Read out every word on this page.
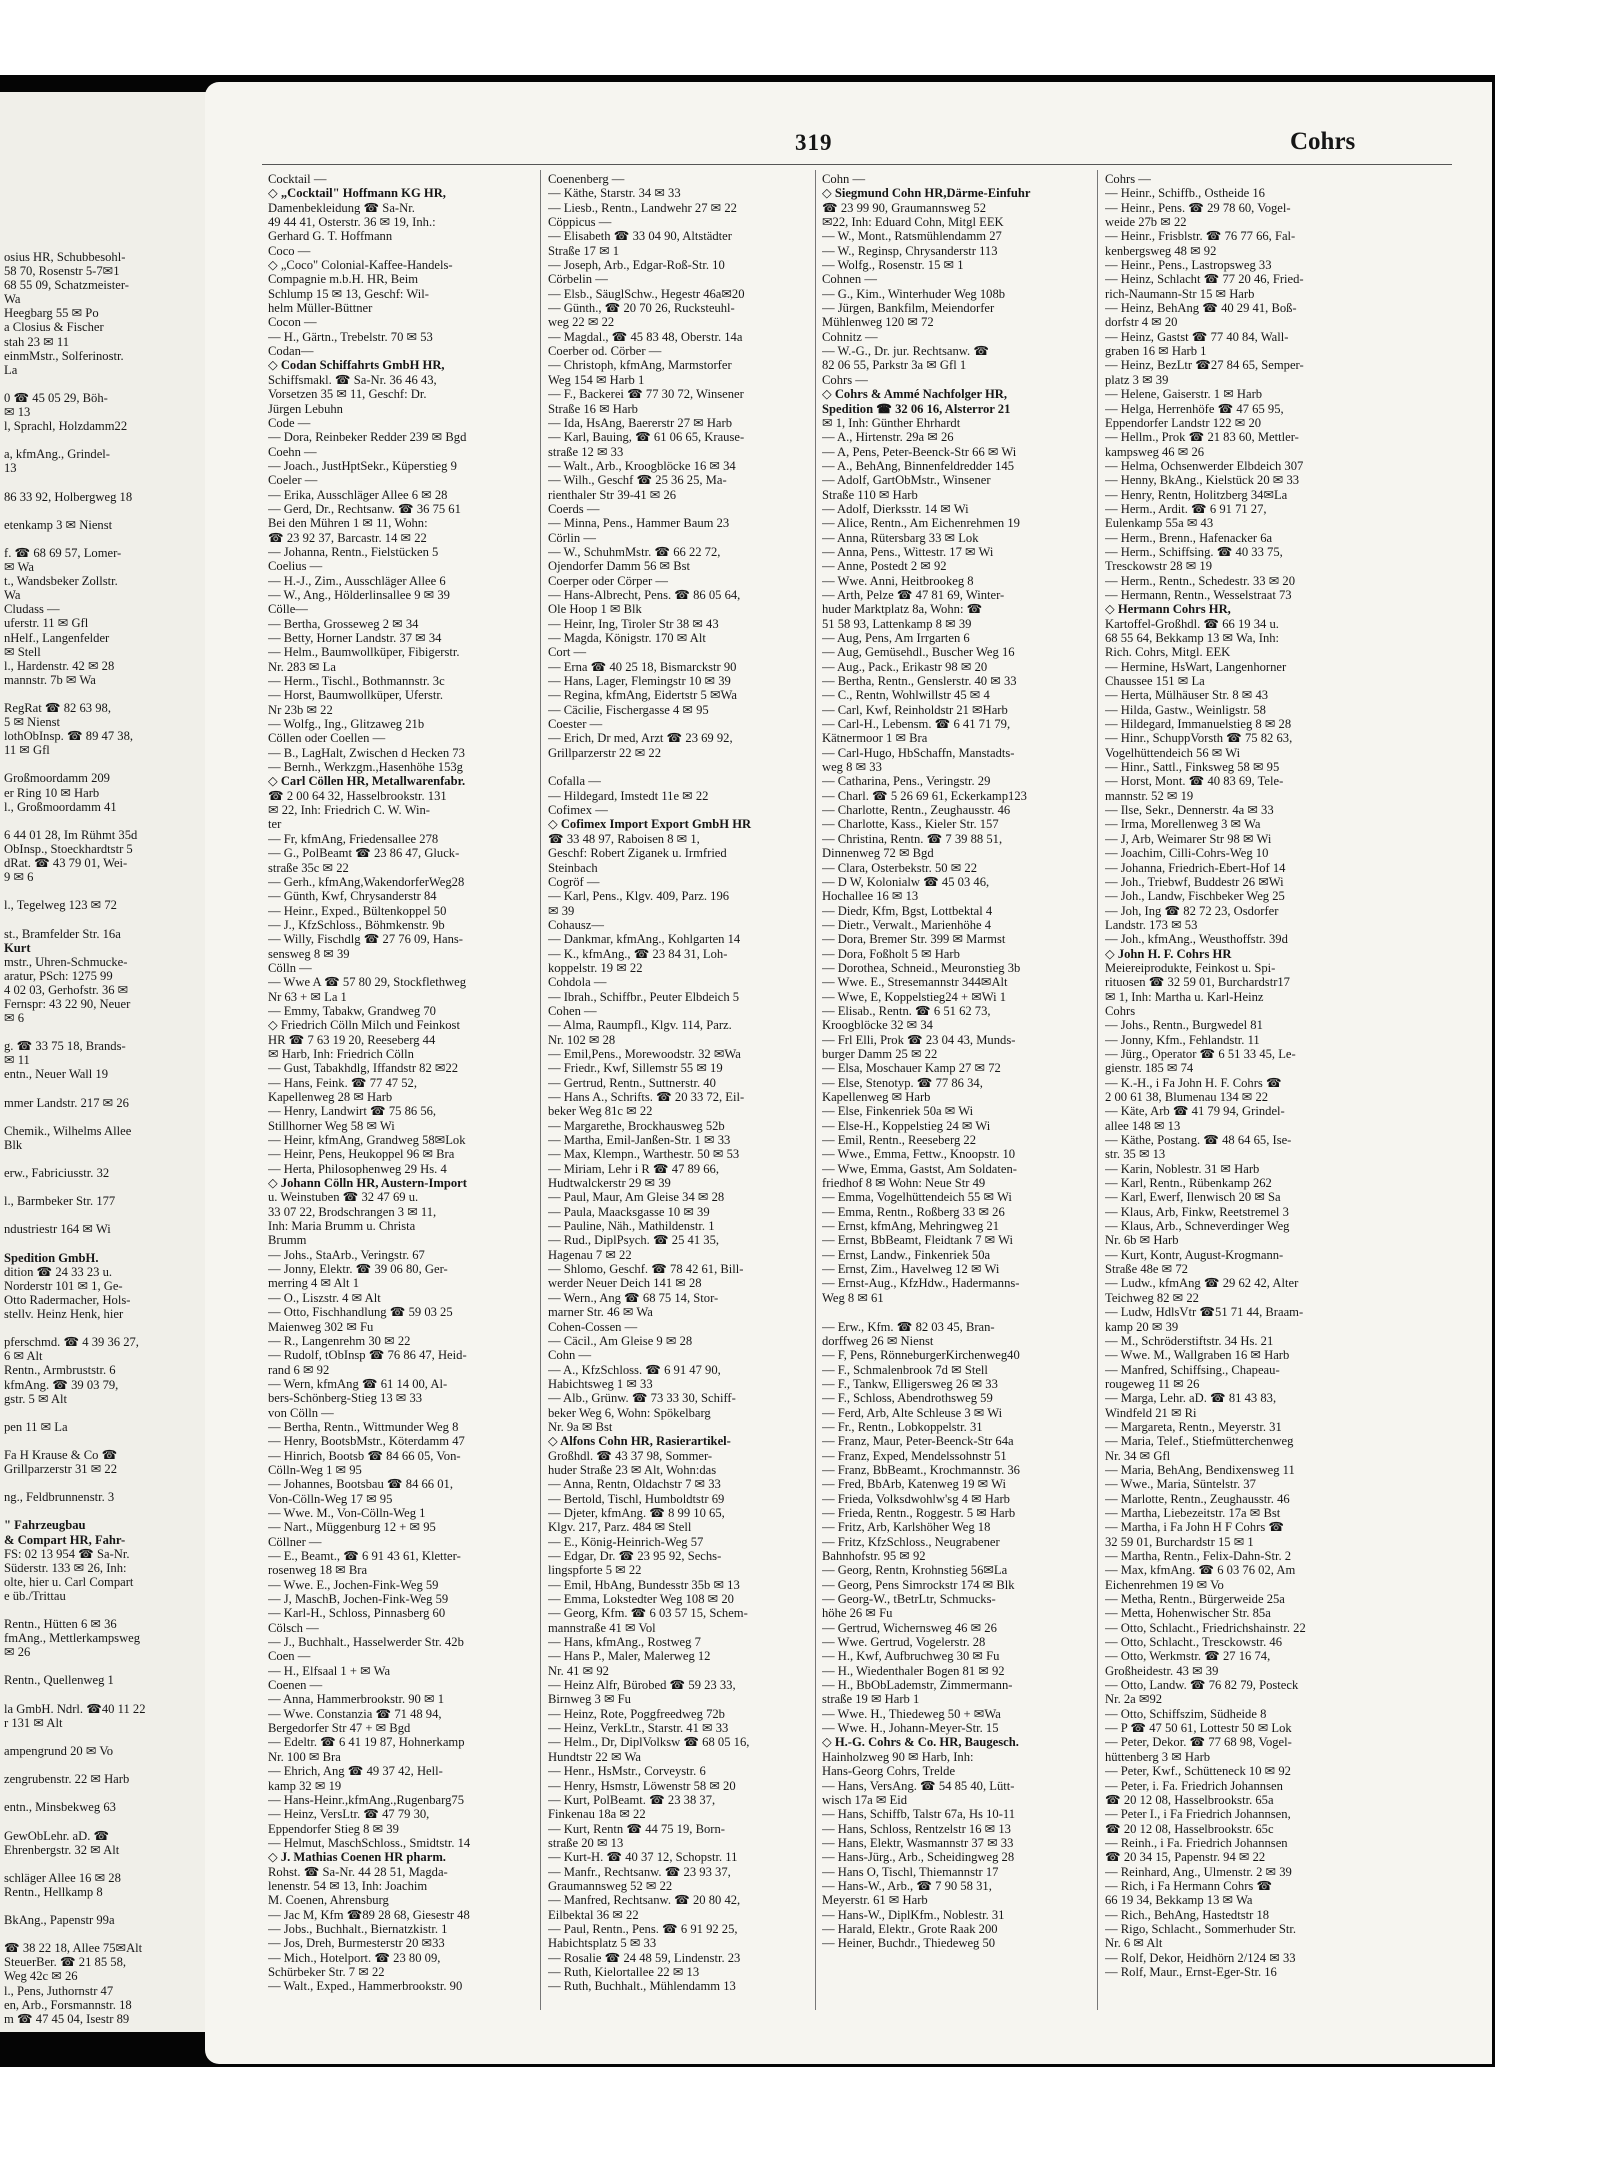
osius HR, Schubbesohl-
58 70, Rosenstr 5-7✉1
68 55 09, Schatzmeister-
Wa
Heegbarg 55 ✉ Po
a Closius & Fischer
stah 23 ✉ 11
einmMstr., Solferinostr.
La

0 ☎ 45 05 29, Böh-
✉ 13
l, Sprachl, Holzdamm22

a, kfmAng., Grindel-
13

86 33 92, Holbergweg 18

etenkamp 3 ✉ Nienst

f. ☎ 68 69 57, Lomer-
✉ Wa
t., Wandsbeker Zollstr.
Wa
Cludass —
uferstr. 11 ✉ Gfl
nHelf., Langenfelder
✉ Stell
l., Hardenstr. 42 ✉ 28
mannstr. 7b ✉ Wa

RegRat ☎ 82 63 98,
5 ✉ Nienst
lothObInsp. ☎ 89 47 38,
11 ✉ Gfl

Großmoordamm 209
er Ring 10 ✉ Harb
l., Großmoordamm 41

6 44 01 28, Im Rühmt 35d
ObInsp., Stoeckhardtstr 5
dRat. ☎ 43 79 01, Wei-
9 ✉ 6

l., Tegelweg 123 ✉ 72

st., Bramfelder Str. 16a
Kurt
mstr., Uhren-Schmucke-
aratur, PSch: 1275 99
4 02 03, Gerhofstr. 36 ✉
Fernspr: 43 22 90, Neuer
✉ 6

g. ☎ 33 75 18, Brands-
✉ 11
entn., Neuer Wall 19

mmer Landstr. 217 ✉ 26

Chemik., Wilhelms Allee
Blk

erw., Fabriciusstr. 32

l., Barmbeker Str. 177

ndustriestr 164 ✉ Wi

Spedition GmbH.
dition ☎ 24 33 23 u.
Norderstr 101 ✉ 1, Ge-
Otto Radermacher, Hols-
stellv. Heinz Henk, hier

pferschmd. ☎ 4 39 36 27,
6 ✉ Alt
Rentn., Armbruststr. 6
kfmAng. ☎ 39 03 79,
gstr. 5 ✉ Alt

pen 11 ✉ La

Fa H Krause & Co ☎
Grillparzerstr 31 ✉ 22

ng., Feldbrunnenstr. 3

" Fahrzeugbau
& Compart HR, Fahr-
FS: 02 13 954 ☎ Sa-Nr.
Süderstr. 133 ✉ 26, Inh:
olte, hier u. Carl Compart
e üb./Trittau

Rentn., Hütten 6 ✉ 36
fmAng., Mettlerkampsweg
✉ 26

Rentn., Quellenweg 1

la GmbH. Ndrl. ☎40 11 22
r 131 ✉ Alt

ampengrund 20 ✉ Vo

zengrubenstr. 22 ✉ Harb

entn., Minsbekweg 63

GewObLehr. aD. ☎
Ehrenbergstr. 32 ✉ Alt

schläger Allee 16 ✉ 28
Rentn., Hellkamp 8

BkAng., Papenstr 99a

☎ 38 22 18, Allee 75✉Alt
SteuerBer. ☎ 21 85 58,
Weg 42c ✉ 26
l., Pens, Juthornstr 47
en, Arb., Forsmannstr. 18
m ☎ 47 45 04, Isestr 89
319	Cohrs
Cocktail —
◇ „Cocktail" Hoffmann KG HR,
Damenbekleidung ☎ Sa-Nr.
49 44 41, Osterstr. 36 ✉ 19, Inh.:
Gerhard G. T. Hoffmann
Coco —
◇ „Coco" Colonial-Kaffee-Handels-
Compagnie m.b.H. HR, Beim
Schlump 15 ✉ 13, Geschf: Wil-
helm Müller-Büttner
Cocon —
— H., Gärtn., Trebelstr. 70 ✉ 53
Codan—
◇ Codan Schiffahrts GmbH HR,
Schiffsmakl. ☎ Sa-Nr. 36 46 43,
Vorsetzen 35 ✉ 11, Geschf: Dr.
Jürgen Lebuhn
Code —
— Dora, Reinbeker Redder 239 ✉ Bgd
Coehn —
— Joach., JustHptSekr., Küperstieg 9
Coeler —
— Erika, Ausschläger Allee 6 ✉ 28
— Gerd, Dr., Rechtsanw. ☎ 36 75 61
Bei den Mühren 1 ✉ 11, Wohn:
☎ 23 92 37, Barcastr. 14 ✉ 22
— Johanna, Rentn., Fielstücken 5
Coelius —
— H.-J., Zim., Ausschläger Allee 6
— W., Ang., Hölderlinsallee 9 ✉ 39
Cölle—
— Bertha, Grosseweg 2 ✉ 34
— Betty, Horner Landstr. 37 ✉ 34
— Helm., Baumwollküper, Fibigerstr.
Nr. 283 ✉ La
— Herm., Tischl., Bothmannstr. 3c
— Horst, Baumwollküper, Uferstr.
Nr 23b ✉ 22
— Wolfg., Ing., Glitzaweg 21b
Cöllen oder Coellen —
— B., LagHalt, Zwischen d Hecken 73
— Bernh., Werkzgm.,Hasenhöhe 153g
◇ Carl Cöllen HR, Metallwarenfabr.
☎ 2 00 64 32, Hasselbrookstr. 131
✉ 22, Inh: Friedrich C. W. Win-
ter
— Fr, kfmAng, Friedensallee 278
— G., PolBeamt ☎ 23 86 47, Gluck-
straße 35c ✉ 22
— Gerh., kfmAng,WakendorferWeg28
— Günth, Kwf, Chrysanderstr 84
— Heinr., Exped., Bültenkoppel 50
— J., KfzSchloss., Böhmkenstr. 9b
— Willy, Fischdlg ☎ 27 76 09, Hans-
sensweg 8 ✉ 39
Cölln —
— Wwe A ☎ 57 80 29, Stockflethweg
Nr 63 + ✉ La 1
— Emmy, Tabakw, Grandweg 70
◇ Friedrich Cölln Milch und Feinkost
HR ☎ 7 63 19 20, Reeseberg 44
✉ Harb, Inh: Friedrich Cölln
— Gust, Tabakhdlg, Iffandstr 82 ✉22
— Hans, Feink. ☎ 77 47 52,
Kapellenweg 28 ✉ Harb
— Henry, Landwirt ☎ 75 86 56,
Stillhorner Weg 58 ✉ Wi
— Heinr, kfmAng, Grandweg 58✉Lok
— Heinr, Pens, Heukoppel 96 ✉ Bra
— Herta, Philosophenweg 29 Hs. 4
◇ Johann Cölln HR, Austern-Import
u. Weinstuben ☎ 32 47 69 u.
33 07 22, Brodschrangen 3 ✉ 11,
Inh: Maria Brumm u. Christa
Brumm
— Johs., StaArb., Veringstr. 67
— Jonny, Elektr. ☎ 39 06 80, Ger-
merring 4 ✉ Alt 1
— O., Liszstr. 4 ✉ Alt
— Otto, Fischhandlung ☎ 59 03 25
Maienweg 302 ✉ Fu
— R., Langenrehm 30 ✉ 22
— Rudolf, tObInsp ☎ 76 86 47, Heid-
rand 6 ✉ 92
— Wern, kfmAng ☎ 61 14 00, Al-
bers-Schönberg-Stieg 13 ✉ 33
von Cölln —
— Bertha, Rentn., Wittmunder Weg 8
— Henry, BootsbMstr., Köterdamm 47
— Hinrich, Bootsb ☎ 84 66 05, Von-
Cölln-Weg 1 ✉ 95
— Johannes, Bootsbau ☎ 84 66 01,
Von-Cölln-Weg 17 ✉ 95
— Wwe. M., Von-Cölln-Weg 1
— Nart., Müggenburg 12 + ✉ 95
Cöllner —
— E., Beamt., ☎ 6 91 43 61, Kletter-
rosenweg 18 ✉ Bra
— Wwe. E., Jochen-Fink-Weg 59
— J, MaschB, Jochen-Fink-Weg 59
— Karl-H., Schloss, Pinnasberg 60
Cölsch —
— J., Buchhalt., Hasselwerder Str. 42b
Coen —
— H., Elfsaal 1 + ✉ Wa
Coenen —
— Anna, Hammerbrookstr. 90 ✉ 1
— Wwe. Constanzia ☎ 71 48 94,
Bergedorfer Str 47 + ✉ Bgd
— Edeltr. ☎ 6 41 19 87, Hohnerkamp
Nr. 100 ✉ Bra
— Ehrich, Ang ☎ 49 37 42, Hell-
kamp 32 ✉ 19
— Hans-Heinr.,kfmAng.,Rugenbarg75
— Heinz, VersLtr. ☎ 47 79 30,
Eppendorfer Stieg 8 ✉ 39
— Helmut, MaschSchloss., Smidtstr. 14
◇ J. Mathias Coenen HR pharm.
Rohst. ☎ Sa-Nr. 44 28 51, Magda-
lenenstr. 54 ✉ 13, Inh: Joachim
M. Coenen, Ahrensburg
— Jac M, Kfm ☎89 28 68, Giesestr 48
— Jobs., Buchhalt., Biernatzkistr. 1
— Jos, Dreh, Burmesterstr 20 ✉33
— Mich., Hotelport. ☎ 23 80 09,
Schürbeker Str. 7 ✉ 22
— Walt., Exped., Hammerbrookstr. 90
Coenenberg —
— Käthe, Starstr. 34 ✉ 33
— Liesb., Rentn., Landwehr 27 ✉ 22
Cöppicus —
— Elisabeth ☎ 33 04 90, Altstädter
Straße 17 ✉ 1
— Joseph, Arb., Edgar-Roß-Str. 10
Cörbelin —
— Elsb., SäuglSchw., Hegestr 46a✉20
— Günth., ☎ 20 70 26, Rucksteuhl-
weg 22 ✉ 22
— Magdal., ☎ 45 83 48, Oberstr. 14a
Coerber od. Cörber —
— Christoph, kfmAng, Marmstorfer
Weg 154 ✉ Harb 1
— F., Backerei ☎ 77 30 72, Winsener
Straße 16 ✉ Harb
— Ida, HsAng, Baererstr 27 ✉ Harb
— Karl, Bauing, ☎ 61 06 65, Krause-
straße 12 ✉ 33
— Walt., Arb., Kroogblöcke 16 ✉ 34
— Wilh., Geschf ☎ 25 36 25, Ma-
rienthaler Str 39-41 ✉ 26
Coerds —
— Minna, Pens., Hammer Baum 23
Cörlin —
— W., SchuhmMstr. ☎ 66 22 72,
Ojendorfer Damm 56 ✉ Bst
Coerper oder Cörper —
— Hans-Albrecht, Pens. ☎ 86 05 64,
Ole Hoop 1 ✉ Blk
— Heinr, Ing, Tiroler Str 38 ✉ 43
— Magda, Königstr. 170 ✉ Alt
Cort —
— Erna ☎ 40 25 18, Bismarckstr 90
— Hans, Lager, Flemingstr 10 ✉ 39
— Regina, kfmAng, Eidertstr 5 ✉Wa
— Cäcilie, Fischergasse 4 ✉ 95
Coester —
— Erich, Dr med, Arzt ☎ 23 69 92,
Grillparzerstr 22 ✉ 22

Cofalla —
— Hildegard, Imstedt 11e ✉ 22
Cofimex —
◇ Cofimex Import Export GmbH HR
☎ 33 48 97, Raboisen 8 ✉ 1,
Geschf: Robert Ziganek u. Irmfried
Steinbach
Cogröf —
— Karl, Pens., Klgv. 409, Parz. 196
✉ 39
Cohausz—
— Dankmar, kfmAng., Kohlgarten 14
— K., kfmAng., ☎ 23 84 31, Loh-
koppelstr. 19 ✉ 22
Cohdola —
— Ibrah., Schiffbr., Peuter Elbdeich 5
Cohen —
— Alma, Raumpfl., Klgv. 114, Parz.
Nr. 102 ✉ 28
— Emil,Pens., Morewoodstr. 32 ✉Wa
— Friedr., Kwf, Sillemstr 55 ✉ 19
— Gertrud, Rentn., Suttnerstr. 40
— Hans A., Schrifts. ☎ 20 33 72, Eil-
beker Weg 81c ✉ 22
— Margarethe, Brockhausweg 52b
— Martha, Emil-Janßen-Str. 1 ✉ 33
— Max, Klempn., Warthestr. 50 ✉ 53
— Miriam, Lehr i R ☎ 47 89 66,
Hudtwalckerstr 29 ✉ 39
— Paul, Maur, Am Gleise 34 ✉ 28
— Paula, Maacksgasse 10 ✉ 39
— Pauline, Näh., Mathildenstr. 1
— Rud., DiplPsych. ☎ 25 41 35,
Hagenau 7 ✉ 22
— Shlomo, Geschf. ☎ 78 42 61, Bill-
werder Neuer Deich 141 ✉ 28
— Wern., Ang ☎ 68 75 14, Stor-
marner Str. 46 ✉ Wa
Cohen-Cossen —
— Cäcil., Am Gleise 9 ✉ 28
Cohn —
— A., KfzSchloss. ☎ 6 91 47 90,
Habichtsweg 1 ✉ 33
— Alb., Grünw. ☎ 73 33 30, Schiff-
beker Weg 6, Wohn: Spökelbarg
Nr. 9a ✉ Bst
◇ Alfons Cohn HR, Rasierartikel-
Großhdl. ☎ 43 37 98, Sommer-
huder Straße 23 ✉ Alt, Wohn:das
— Anna, Rentn, Oldachstr 7 ✉ 33
— Bertold, Tischl, Humboldtstr 69
— Djeter, kfmAng. ☎ 8 99 10 65,
Klgv. 217, Parz. 484 ✉ Stell
— E., König-Heinrich-Weg 57
— Edgar, Dr. ☎ 23 95 92, Sechs-
lingspforte 5 ✉ 22
— Emil, HbAng, Bundesstr 35b ✉ 13
— Emma, Lokstedter Weg 108 ✉ 20
— Georg, Kfm. ☎ 6 03 57 15, Schem-
mannstraße 41 ✉ Vol
— Hans, kfmAng., Rostweg 7
— Hans P., Maler, Malerweg 12
Nr. 41 ✉ 92
— Heinz Alfr, Bürobed ☎ 59 23 33,
Birnweg 3 ✉ Fu
— Heinz, Rote, Poggfreedweg 72b
— Heinz, VerkLtr., Starstr. 41 ✉ 33
— Helm., Dr, DiplVolksw ☎ 68 05 16,
Hundtstr 22 ✉ Wa
— Henr., HsMstr., Corveystr. 6
— Henry, Hsmstr, Löwenstr 58 ✉ 20
— Kurt, PolBeamt. ☎ 23 38 37,
Finkenau 18a ✉ 22
— Kurt, Rentn ☎ 44 75 19, Born-
straße 20 ✉ 13
— Kurt-H. ☎ 40 37 12, Schopstr. 11
— Manfr., Rechtsanw. ☎ 23 93 37,
Graumannsweg 52 ✉ 22
— Manfred, Rechtsanw. ☎ 20 80 42,
Eilbektal 36 ✉ 22
— Paul, Rentn., Pens. ☎ 6 91 92 25,
Habichtsplatz 5 ✉ 33
— Rosalie ☎ 24 48 59, Lindenstr. 23
— Ruth, Kielortallee 22 ✉ 13
— Ruth, Buchhalt., Mühlendamm 13
Cohn —
◇ Siegmund Cohn HR,Därme-Einfuhr
☎ 23 99 90, Graumannsweg 52
✉22, Inh: Eduard Cohn, Mitgl EEK
— W., Mont., Ratsmühlendamm 27
— W., Reginsp, Chrysanderstr 113
— Wolfg., Rosenstr. 15 ✉ 1
Cohnen —
— G., Kim., Winterhuder Weg 108b
— Jürgen, Bankfilm, Meiendorfer
Mühlenweg 120 ✉ 72
Cohnitz —
— W.-G., Dr. jur. Rechtsanw. ☎
82 06 55, Parkstr 3a ✉ Gfl 1
Cohrs —
◇ Cohrs & Ammé Nachfolger HR,
Spedition ☎ 32 06 16, Alsterror 21
✉ 1, Inh: Günther Ehrhardt
— A., Hirtenstr. 29a ✉ 26
— A, Pens, Peter-Beenck-Str 66 ✉ Wi
— A., BehAng, Binnenfeldredder 145
— Adolf, GartObMstr., Winsener
Straße 110 ✉ Harb
— Adolf, Dierksstr. 14 ✉ Wi
— Alice, Rentn., Am Eichenrehmen 19
— Anna, Rütersbarg 33 ✉ Lok
— Anna, Pens., Wittestr. 17 ✉ Wi
— Anne, Postedt 2 ✉ 92
— Wwe. Anni, Heitbrookeg 8
— Arth, Pelze ☎ 47 81 69, Winter-
huder Marktplatz 8a, Wohn: ☎
51 58 93, Lattenkamp 8 ✉ 39
— Aug, Pens, Am Irrgarten 6
— Aug, Gemüsehdl., Buscher Weg 16
— Aug., Pack., Erikastr 98 ✉ 20
— Bertha, Rentn., Genslerstr. 40 ✉ 33
— C., Rentn, Wohlwillstr 45 ✉ 4
— Carl, Kwf, Reinholdstr 21 ✉Harb
— Carl-H., Lebensm. ☎ 6 41 71 79,
Kätnermoor 1 ✉ Bra
— Carl-Hugo, HbSchaffn, Manstadts-
weg 8 ✉ 33
— Catharina, Pens., Veringstr. 29
— Charl. ☎ 5 26 69 61, Eckerkamp123
— Charlotte, Rentn., Zeughausstr. 46
— Charlotte, Kass., Kieler Str. 157
— Christina, Rentn. ☎ 7 39 88 51,
Dinnenweg 72 ✉ Bgd
— Clara, Osterbekstr. 50 ✉ 22
— D W, Kolonialw ☎ 45 03 46,
Hochallee 16 ✉ 13
— Diedr, Kfm, Bgst, Lottbektal 4
— Dietr., Verwalt., Marienhöhe 4
— Dora, Bremer Str. 399 ✉ Marmst
— Dora, Foßholt 5 ✉ Harb
— Dorothea, Schneid., Meuronstieg 3b
— Wwe. E., Stresemannstr 344✉Alt
— Wwe, E, Koppelstieg24 + ✉Wi 1
— Elisab., Rentn. ☎ 6 51 62 73,
Kroogblöcke 32 ✉ 34
— Frl Elli, Prok ☎ 23 04 43, Munds-
burger Damm 25 ✉ 22
— Elsa, Moschauer Kamp 27 ✉ 72
— Else, Stenotyp. ☎ 77 86 34,
Kapellenweg ✉ Harb
— Else, Finkenriek 50a ✉ Wi
— Else-H., Koppelstieg 24 ✉ Wi
— Emil, Rentn., Reeseberg 22
— Wwe., Emma, Fettw., Knoopstr. 10
— Wwe, Emma, Gastst, Am Soldaten-
friedhof 8 ✉ Wohn: Neue Str 49
— Emma, Vogelhüttendeich 55 ✉ Wi
— Emma, Rentn., Roßberg 33 ✉ 26
— Ernst, kfmAng, Mehringweg 21
— Ernst, BbBeamt, Fleidtank 7 ✉ Wi
— Ernst, Landw., Finkenriek 50a
— Ernst, Zim., Havelweg 12 ✉ Wi
— Ernst-Aug., KfzHdw., Hadermanns-
Weg 8 ✉ 61

— Erw., Kfm. ☎ 82 03 45, Bran-
dorffweg 26 ✉ Nienst
— F, Pens, RönneburgerKirchenweg40
— F., Schmalenbrook 7d ✉ Stell
— F., Tankw, Elligersweg 26 ✉ 33
— F., Schloss, Abendrothsweg 59
— Ferd, Arb, Alte Schleuse 3 ✉ Wi
— Fr., Rentn., Lobkoppelstr. 31
— Franz, Maur, Peter-Beenck-Str 64a
— Franz, Exped, Mendelssohnstr 51
— Franz, BbBeamt., Krochmannstr. 36
— Fred, BbArb, Katenweg 19 ✉ Wi
— Frieda, Volksdwohlw'sg 4 ✉ Harb
— Frieda, Rentn., Roggestr. 5 ✉ Harb
— Fritz, Arb, Karlshöher Weg 18
— Fritz, KfzSchloss., Neugrabener
Bahnhofstr. 95 ✉ 92
— Georg, Rentn, Krohnstieg 56✉La
— Georg, Pens Simrockstr 174 ✉ Blk
— Georg-W., tBetrLtr, Schmucks-
höhe 26 ✉ Fu
— Gertrud, Wichernsweg 46 ✉ 26
— Wwe. Gertrud, Vogelerstr. 28
— H., Kwf, Aufbruchweg 30 ✉ Fu
— H., Wiedenthaler Bogen 81 ✉ 92
— H., BbObLademstr, Zimmermann-
straße 19 ✉ Harb 1
— Wwe. H., Thiedeweg 50 + ✉Wa
— Wwe. H., Johann-Meyer-Str. 15
◇ H.-G. Cohrs & Co. HR, Baugesch.
Hainholzweg 90 ✉ Harb, Inh:
Hans-Georg Cohrs, Trelde
— Hans, VersAng. ☎ 54 85 40, Lütt-
wisch 17a ✉ Eid
— Hans, Schiffb, Talstr 67a, Hs 10-11
— Hans, Schloss, Rentzelstr 16 ✉ 13
— Hans, Elektr, Wasmannstr 37 ✉ 33
— Hans-Jürg., Arb., Scheidingweg 28
— Hans O, Tischl, Thiemannstr 17
— Hans-W., Arb., ☎ 7 90 58 31,
Meyerstr. 61 ✉ Harb
— Hans-W., DiplKfm., Noblestr. 31
— Harald, Elektr., Grote Raak 200
— Heiner, Buchdr., Thiedeweg 50
Cohrs —
— Heinr., Schiffb., Ostheide 16
— Heinr., Pens. ☎ 29 78 60, Vogel-
weide 27b ✉ 22
— Heinr., Frisblstr. ☎ 76 77 66, Fal-
kenbergsweg 48 ✉ 92
— Heinr., Pens., Lastropsweg 33
— Heinz, Schlacht ☎ 77 20 46, Fried-
rich-Naumann-Str 15 ✉ Harb
— Heinz, BehAng ☎ 40 29 41, Boß-
dorfstr 4 ✉ 20
— Heinz, Gastst ☎ 77 40 84, Wall-
graben 16 ✉ Harb 1
— Heinz, BezLtr ☎27 84 65, Semper-
platz 3 ✉ 39
— Helene, Gaiserstr. 1 ✉ Harb
— Helga, Herrenhöfe ☎ 47 65 95,
Eppendorfer Landstr 122 ✉ 20
— Hellm., Prok ☎ 21 83 60, Mettler-
kampsweg 46 ✉ 26
— Helma, Ochsenwerder Elbdeich 307
— Henny, BkAng., Kielstück 20 ✉ 33
— Henry, Rentn, Holitzberg 34✉La
— Herm., Ardit. ☎ 6 91 71 27,
Eulenkamp 55a ✉ 43
— Herm., Brenn., Hafenacker 6a
— Herm., Schiffsing. ☎ 40 33 75,
Tresckowstr 28 ✉ 19
— Herm., Rentn., Schedestr. 33 ✉ 20
— Hermann, Rentn., Wesselstraat 73
◇ Hermann Cohrs HR,
Kartoffel-Großhdl. ☎ 66 19 34 u.
68 55 64, Bekkamp 13 ✉ Wa, Inh:
Rich. Cohrs, Mitgl. EEK
— Hermine, HsWart, Langenhorner
Chaussee 151 ✉ La
— Herta, Mülhäuser Str. 8 ✉ 43
— Hilda, Gastw., Weinligstr. 58
— Hildegard, Immanuelstieg 8 ✉ 28
— Hinr., SchuppVorsth ☎ 75 82 63,
Vogelhüttendeich 56 ✉ Wi
— Hinr., Sattl., Finksweg 58 ✉ 95
— Horst, Mont. ☎ 40 83 69, Tele-
mannstr. 52 ✉ 19
— Ilse, Sekr., Dennerstr. 4a ✉ 33
— Irma, Morellenweg 3 ✉ Wa
— J, Arb, Weimarer Str 98 ✉ Wi
— Joachim, Cilli-Cohrs-Weg 10
— Johanna, Friedrich-Ebert-Hof 14
— Joh., Triebwf, Buddestr 26 ✉Wi
— Joh., Landw, Fischbeker Weg 25
— Joh, Ing ☎ 82 72 23, Osdorfer
Landstr. 173 ✉ 53
— Joh., kfmAng., Weusthoffstr. 39d
◇ John H. F. Cohrs HR
Meiereiprodukte, Feinkost u. Spi-
rituosen ☎ 32 59 01, Burchardstr17
✉ 1, Inh: Martha u. Karl-Heinz
Cohrs
— Johs., Rentn., Burgwedel 81
— Jonny, Kfm., Fehlandstr. 11
— Jürg., Operator ☎ 6 51 33 45, Le-
gienstr. 185 ✉ 74
— K.-H., i Fa John H. F. Cohrs ☎
2 00 61 38, Blumenau 134 ✉ 22
— Käte, Arb ☎ 41 79 94, Grindel-
allee 148 ✉ 13
— Käthe, Postang. ☎ 48 64 65, Ise-
str. 35 ✉ 13
— Karin, Noblestr. 31 ✉ Harb
— Karl, Rentn., Rübenkamp 262
— Karl, Ewerf, Ilenwisch 20 ✉ Sa
— Klaus, Arb, Finkw, Reetstremel 3
— Klaus, Arb., Schneverdinger Weg
Nr. 6b ✉ Harb
— Kurt, Kontr, August-Krogmann-
Straße 48e ✉ 72
— Ludw., kfmAng ☎ 29 62 42, Alter
Teichweg 82 ✉ 22
— Ludw, HdlsVtr ☎51 71 44, Braam-
kamp 20 ✉ 39
— M., Schröderstiftstr. 34 Hs. 21
— Wwe. M., Wallgraben 16 ✉ Harb
— Manfred, Schiffsing., Chapeau-
rougeweg 11 ✉ 26
— Marga, Lehr. aD. ☎ 81 43 83,
Windfeld 21 ✉ Ri
— Margareta, Rentn., Meyerstr. 31
— Maria, Telef., Stiefmütterchenweg
Nr. 34 ✉ Gfl
— Maria, BehAng, Bendixensweg 11
— Wwe., Maria, Süntelstr. 37
— Marlotte, Rentn., Zeughausstr. 46
— Martha, Liebezeitstr. 17a ✉ Bst
— Martha, i Fa John H F Cohrs ☎
32 59 01, Burchardstr 15 ✉ 1
— Martha, Rentn., Felix-Dahn-Str. 2
— Max, kfmAng. ☎ 6 03 76 02, Am
Eichenrehmen 19 ✉ Vo
— Metha, Rentn., Bürgerweide 25a
— Metta, Hohenwischer Str. 85a
— Otto, Schlacht., Friedrichshainstr. 22
— Otto, Schlacht., Tresckowstr. 46
— Otto, Werkmstr. ☎ 27 16 74,
Großheidestr. 43 ✉ 39
— Otto, Landw. ☎ 76 82 79, Posteck
Nr. 2a ✉92
— Otto, Schiffszim, Südheide 8
— P ☎ 47 50 61, Lottestr 50 ✉ Lok
— Peter, Dekor. ☎ 77 68 98, Vogel-
hüttenberg 3 ✉ Harb
— Peter, Kwf., Schütteneck 10 ✉ 92
— Peter, i. Fa. Friedrich Johannsen
☎ 20 12 08, Hasselbrookstr. 65a
— Peter I., i Fa Friedrich Johannsen,
☎ 20 12 08, Hasselbrookstr. 65c
— Reinh., i Fa. Friedrich Johannsen
☎ 20 34 15, Papenstr. 94 ✉ 22
— Reinhard, Ang., Ulmenstr. 2 ✉ 39
— Rich, i Fa Hermann Cohrs ☎
66 19 34, Bekkamp 13 ✉ Wa
— Rich., BehAng, Hastedtstr 18
— Rigo, Schlacht., Sommerhuder Str.
Nr. 6 ✉ Alt
— Rolf, Dekor, Heidhörn 2/124 ✉ 33
— Rolf, Maur., Ernst-Eger-Str. 16
